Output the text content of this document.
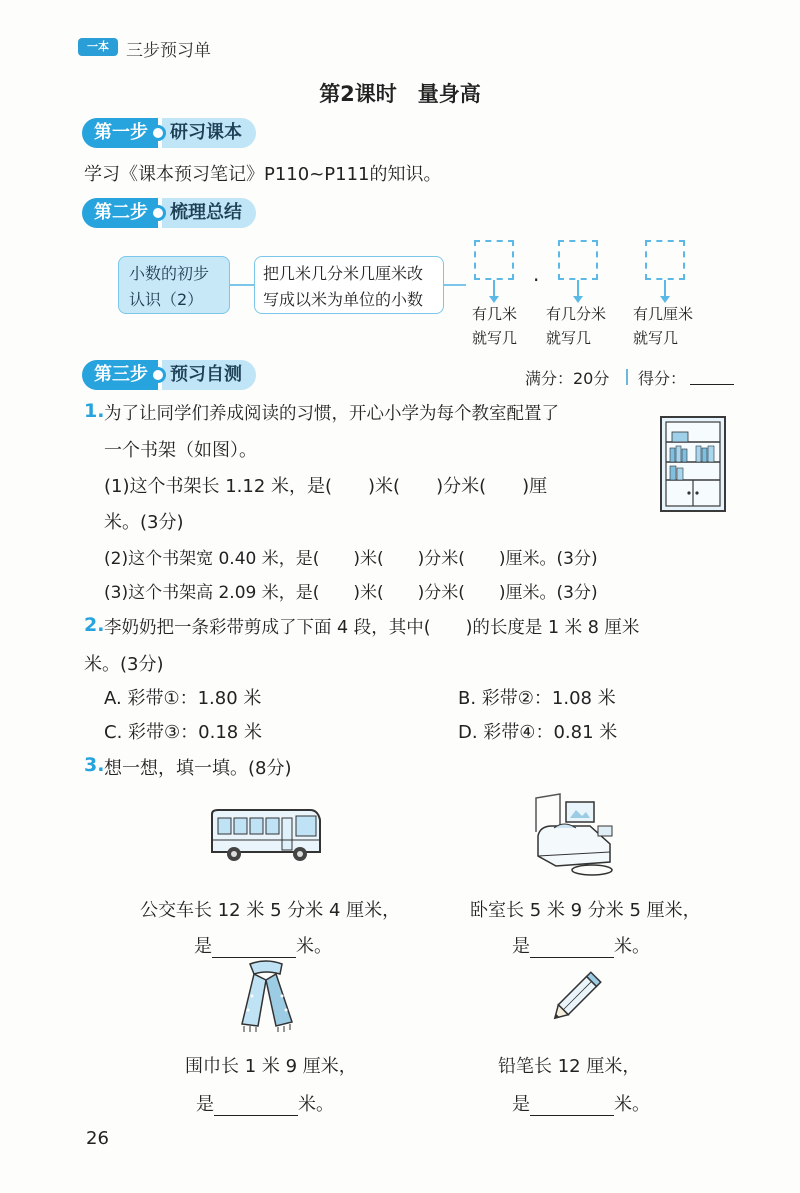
一本	三步预习单
第2课时　量身高
第一步	研习课本
学习《课本预习笔记》P110~P111的知识。
第二步	梳理总结
小数的初步
认识（2）
把几米几分米几厘米改
写成以米为单位的小数
.
有几米
就写几
有几分米
就写几
有几厘米
就写几
第三步	预习自测	满分：20分 得分：
1. 为了让同学们养成阅读的习惯，开心小学为每个教室配置了
一个书架（如图）。
(1)这个书架长 1.12 米，是(　　)米(　　)分米(　　)厘
米。(3分)
(2)这个书架宽 0.40 米，是(　　)米(　　)分米(　　)厘米。(3分)
(3)这个书架高 2.09 米，是(　　)米(　　)分米(　　)厘米。(3分)
2. 李奶奶把一条彩带剪成了下面 4 段，其中(　　)的长度是 1 米 8 厘米
米。(3分)
A. 彩带①：1.80 米	B. 彩带②：1.08 米
C. 彩带③：0.18 米	D. 彩带④：0.81 米
3. 想一想，填一填。(8分)
公交车长 12 米 5 分米 4 厘米，
是	米。
卧室长 5 米 9 分米 5 厘米，
是	米。
围巾长 1 米 9 厘米，
是	米。
铅笔长 12 厘米，
是	米。
26
